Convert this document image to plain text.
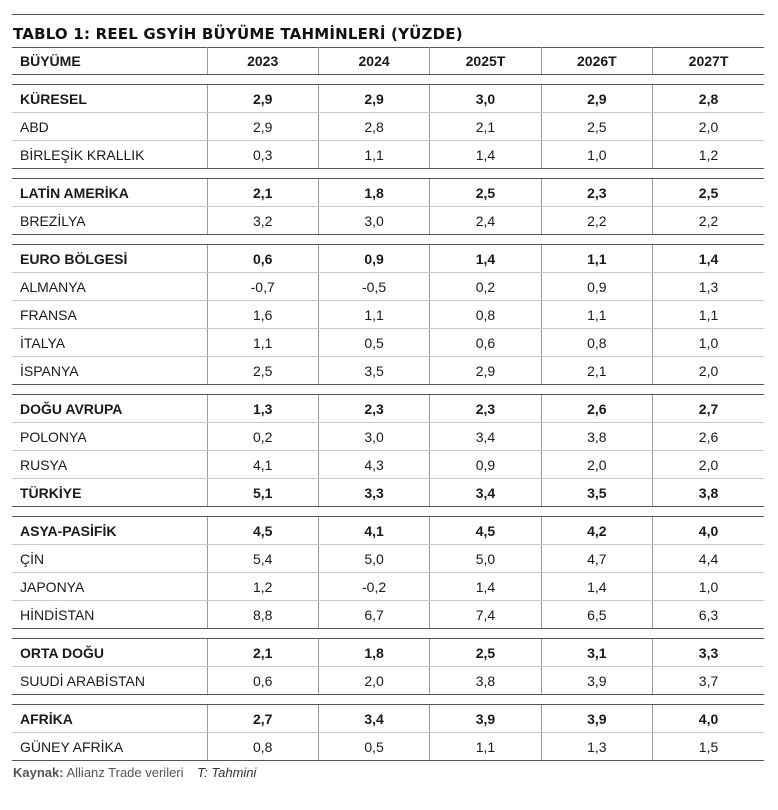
TABLO 1: REEL GSYİH BÜYÜME TAHMİNLERİ (YÜZDE)
BÜYÜME	2023	2024	2025T	2026T	2027T

KÜRESEL	2,9	2,9	3,0	2,9	2,8
ABD	2,9	2,8	2,1	2,5	2,0
BİRLEŞİK KRALLIK	0,3	1,1	1,4	1,0	1,2

LATİN AMERİKA	2,1	1,8	2,5	2,3	2,5
BREZİLYA	3,2	3,0	2,4	2,2	2,2

EURO BÖLGESİ	0,6	0,9	1,4	1,1	1,4
ALMANYA	-0,7	-0,5	0,2	0,9	1,3
FRANSA	1,6	1,1	0,8	1,1	1,1
İTALYA	1,1	0,5	0,6	0,8	1,0
İSPANYA	2,5	3,5	2,9	2,1	2,0

DOĞU AVRUPA	1,3	2,3	2,3	2,6	2,7
POLONYA	0,2	3,0	3,4	3,8	2,6
RUSYA	4,1	4,3	0,9	2,0	2,0
TÜRKİYE	5,1	3,3	3,4	3,5	3,8

ASYA-PASİFİK	4,5	4,1	4,5	4,2	4,0
ÇİN	5,4	5,0	5,0	4,7	4,4
JAPONYA	1,2	-0,2	1,4	1,4	1,0
HİNDİSTAN	8,8	6,7	7,4	6,5	6,3

ORTA DOĞU	2,1	1,8	2,5	3,1	3,3
SUUDİ ARABİSTAN	0,6	2,0	3,8	3,9	3,7

AFRİKA	2,7	3,4	3,9	3,9	4,0
GÜNEY AFRİKA	0,8	0,5	1,1	1,3	1,5
Kaynak: Allianz Trade verileri T: Tahmini
